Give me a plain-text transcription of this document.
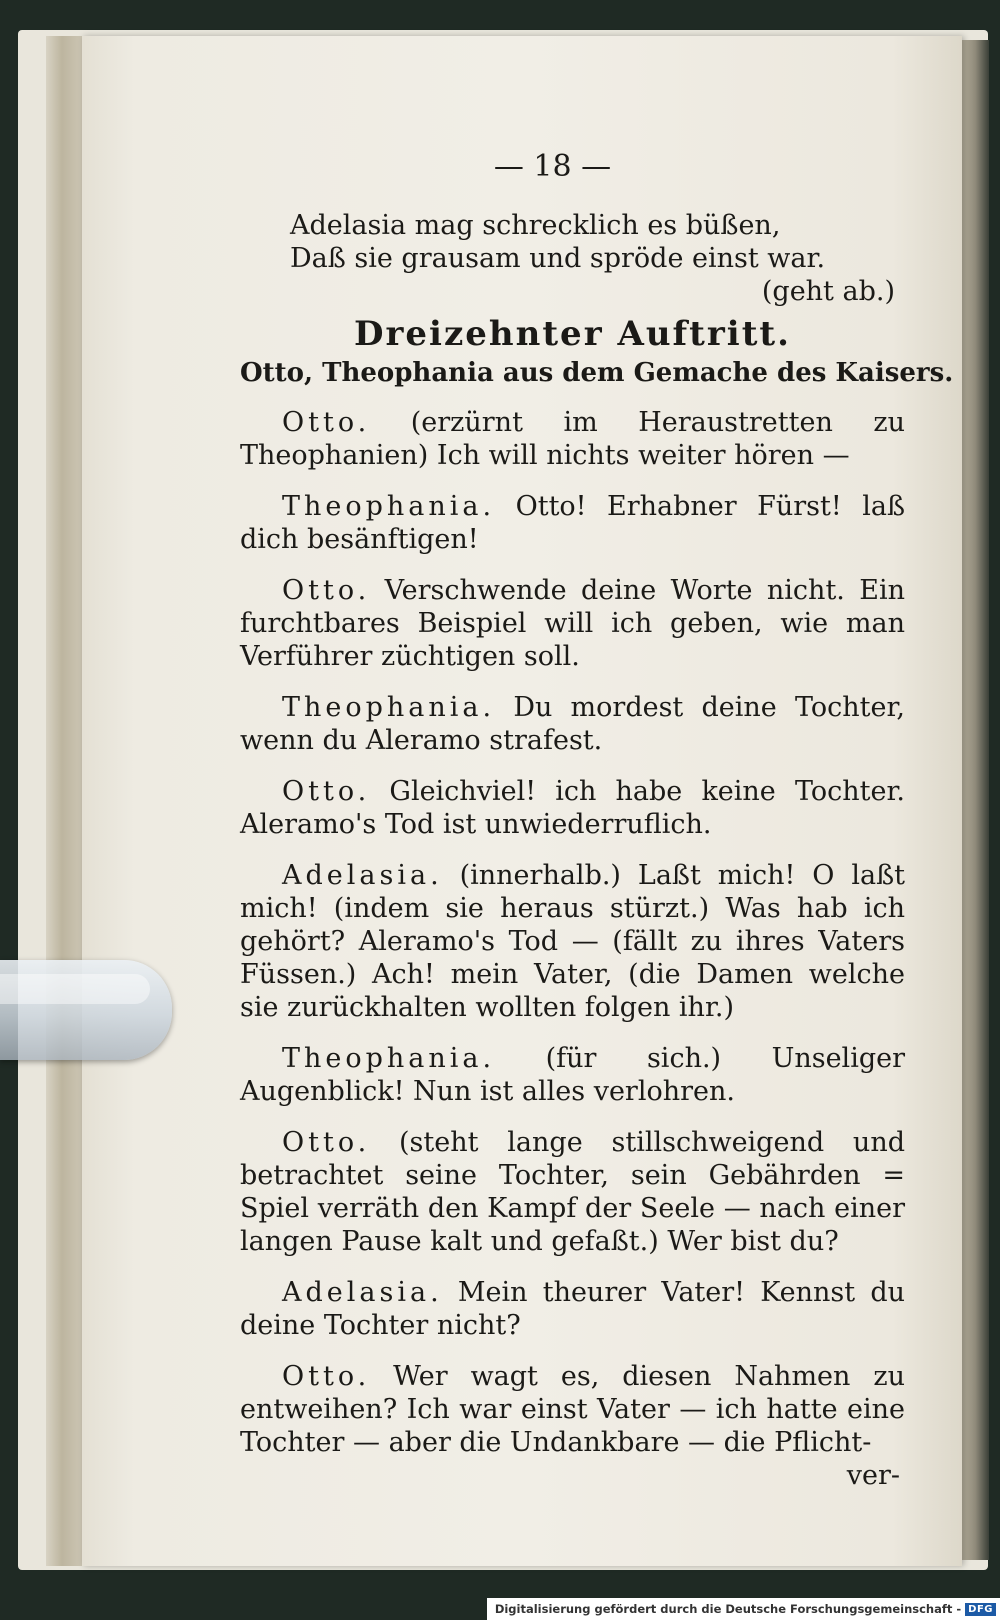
— 18 —
Adelasia mag schrecklich es büßen,
Daß sie grausam und spröde einst war.
(geht ab.)
Dreizehnter Auftritt.
Otto, Theophania aus dem Gemache des Kaisers.
Otto. (erzürnt im Heraustretten zu Theophanien) Ich will nichts weiter hören —
Theophania. Otto! Erhabner Fürst! laß dich besänftigen!
Otto. Verschwende deine Worte nicht. Ein furchtbares Beispiel will ich geben, wie man Verführer züchtigen soll.
Theophania. Du mordest deine Tochter, wenn du Aleramo strafest.
Otto. Gleichviel! ich habe keine Tochter. Aleramo's Tod ist unwiederruflich.
Adelasia. (innerhalb.) Laßt mich! O laßt mich! (indem sie heraus stürzt.) Was hab ich gehört? Aleramo's Tod — (fällt zu ihres Vaters Füssen.) Ach! mein Vater, (die Damen welche sie zurückhalten wollten folgen ihr.)
Theophania. (für sich.) Unseliger Augenblick! Nun ist alles verlohren.
Otto. (steht lange stillschweigend und betrachtet seine Tochter, sein Gebährden = Spiel verräth den Kampf der Seele — nach einer langen Pause kalt und gefaßt.) Wer bist du?
Adelasia. Mein theurer Vater! Kennst du deine Tochter nicht?
Otto. Wer wagt es, diesen Nahmen zu entweihen? Ich war einst Vater — ich hatte eine Tochter — aber die Undankbare — die Pflicht-
ver-
Digitalisierung gefördert durch die Deutsche Forschungsgemeinschaft - DFG
